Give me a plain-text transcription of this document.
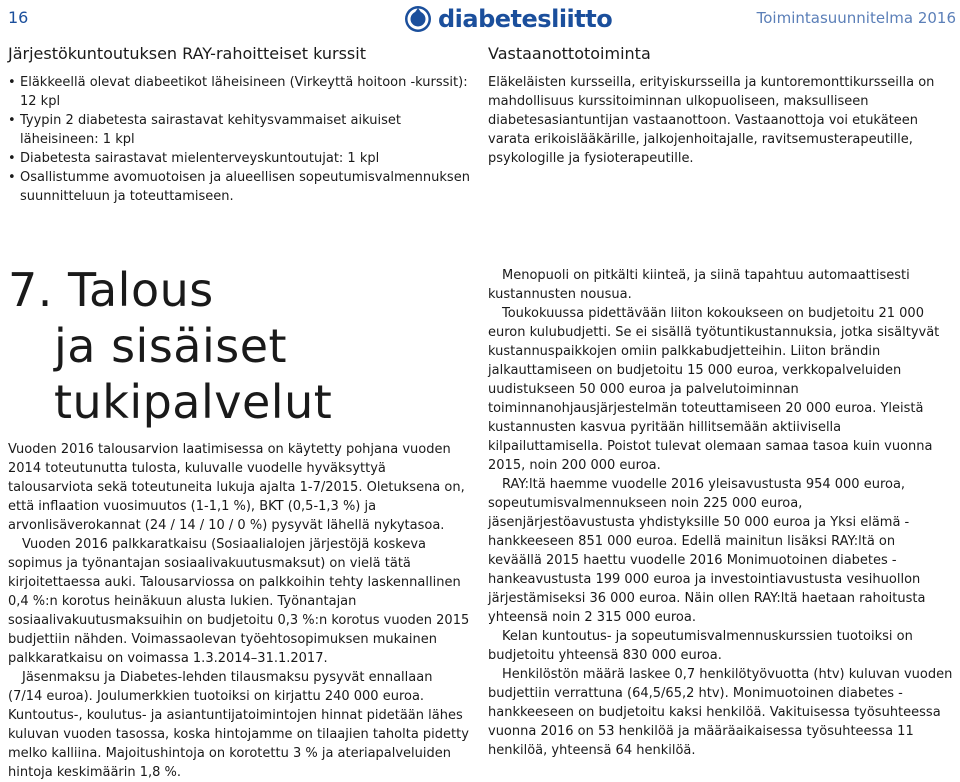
16	diabetesliitto	Toimintasuunnitelma 2016
Järjestökuntoutuksen RAY-rahoitteiset kurssit
• Eläkkeellä olevat diabeetikot läheisineen (Virkeyttä hoitoon -kurssit): 12 kpl
• Tyypin 2 diabetesta sairastavat kehitysvammaiset aikuiset läheisineen: 1 kpl
• Diabetesta sairastavat mielenterveyskuntoutujat: 1 kpl
• Osallistumme avomuotoisen ja alueellisen sopeutumisvalmennuksen suunnitteluun ja toteuttamiseen.
Vastaanottotoiminta

Eläkeläisten kursseilla, erityiskursseilla ja kuntoremonttikursseilla on mahdollisuus kurssitoiminnan ulkopuoliseen, maksulliseen diabetesasiantuntijan vastaanottoon. Vastaanottoja voi etukäteen varata erikoislääkärille, jalkojenhoitajalle, ravitsemusterapeutille, psykologille ja fysioterapeutille.

7. Talous
ja sisäiset tukipalvelut

Vuoden 2016 talousarvion laatimisessa on käytetty pohjana vuoden 2014 toteutunutta tulosta, kuluvalle vuodelle hyväksyttyä talousarviota sekä toteutuneita lukuja ajalta 1-7/2015. Oletuksena on, että inflaation vuosimuutos (1-1,1 %), BKT (0,5-1,3 %) ja arvonlisäverokannat (24 / 14 / 10 / 0 %) pysyvät lähellä nykytasoa.

Vuoden 2016 palkkaratkaisu (Sosiaalialojen järjestöjä koskeva sopimus ja työnantajan sosiaalivakuutusmaksut) on vielä tätä kirjoitettaessa auki. Talousarviossa on palkkoihin tehty laskennallinen 0,4 %:n korotus heinäkuun alusta lukien. Työnantajan sosiaalivakuutusmaksuihin on budjetoitu 0,3 %:n korotus vuoden 2015 budjettiin nähden. Voimassaolevan työehtosopimuksen mukainen palkkaratkaisu on voimassa 1.3.2014–31.1.2017.

Jäsenmaksu ja Diabetes-lehden tilausmaksu pysyvät ennallaan (7/14 euroa). Joulumerkkien tuotoiksi on kirjattu 240 000 euroa. Kuntoutus-, koulutus- ja asiantuntijatoimintojen hinnat pidetään lähes kuluvan vuoden tasossa, koska hintojamme on tilaajien taholta pidetty melko kalliina. Majoitushintoja on korotettu 3 % ja ateriapalveluiden hintoja keskimäärin 1,8 %.

Menopuoli on pitkälti kiinteä, ja siinä tapahtuu automaattisesti kustannusten nousua.

Toukokuussa pidettävään liiton kokoukseen on budjetoitu 21 000 euron kulubudjetti. Se ei sisällä työtuntikustannuksia, jotka sisältyvät kustannuspaikkojen omiin palkkabudjetteihin. Liiton brändin jalkauttamiseen on budjetoitu 15 000 euroa, verkkopalveluiden uudistukseen 50 000 euroa ja palvelutoiminnan toiminnanohjausjärjestelmän toteuttamiseen 20 000 euroa. Yleistä kustannusten kasvua pyritään hillitsemään aktiivisella kilpailuttamisella. Poistot tulevat olemaan samaa tasoa kuin vuonna 2015, noin 200 000 euroa.

RAY:ltä haemme vuodelle 2016 yleisavustusta 954 000 euroa, sopeutumisvalmennukseen noin 225 000 euroa, jäsenjärjestöavustusta yhdistyksille 50 000 euroa ja Yksi elämä -hankkeeseen 851 000 euroa. Edellä mainitun lisäksi RAY:ltä on keväällä 2015 haettu vuodelle 2016 Monimuotoinen diabetes -hankeavustusta 199 000 euroa ja investointiavustusta vesihuollon järjestämiseksi 36 000 euroa. Näin ollen RAY:ltä haetaan rahoitusta yhteensä noin 2 315 000 euroa.

Kelan kuntoutus- ja sopeutumisvalmennuskurssien tuotoiksi on budjetoitu yhteensä 830 000 euroa.

Henkilöstön määrä laskee 0,7 henkilötyövuotta (htv) kuluvan vuoden budjettiin verrattuna (64,5/65,2 htv). Monimuotoinen diabetes -hankkeeseen on budjetoitu kaksi henkilöä. Vakituisessa työsuhteessa vuonna 2016 on 53 henkilöä ja määräaikaisessa työsuhteessa 11 henkilöä, yhteensä 64 henkilöä.
